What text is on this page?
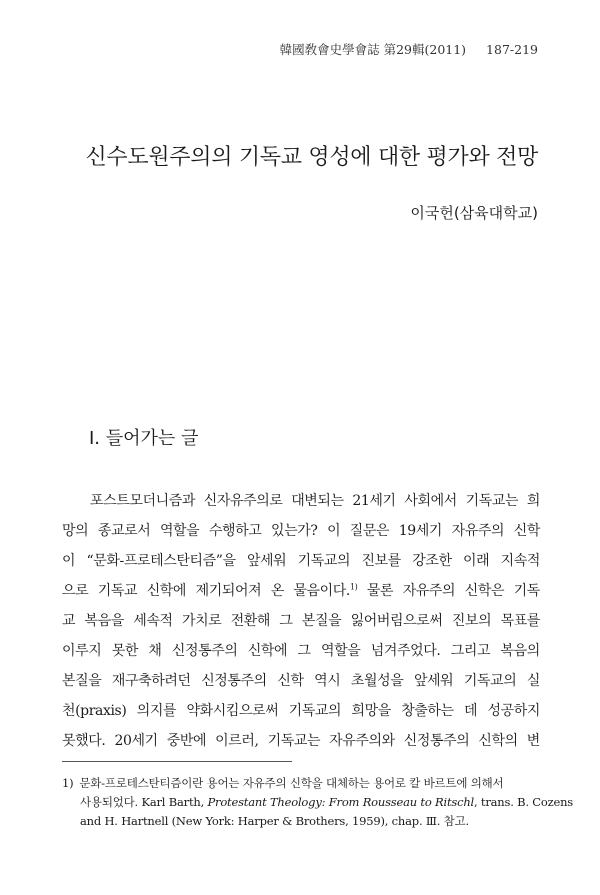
韓國敎會史學會誌 第29輯(2011) 187-219
신수도원주의의 기독교 영성에 대한 평가와 전망
이국헌(삼육대학교)
Ⅰ. 들어가는 글
포스트모더니즘과 신자유주의로 대변되는 21세기 사회에서 기독교는 희
망의 종교로서 역할을 수행하고 있는가? 이 질문은 19세기 자유주의 신학
이 “문화-프로테스탄티즘”을 앞세워 기독교의 진보를 강조한 이래 지속적
으로 기독교 신학에 제기되어져 온 물음이다.$^{1)}$ 물론 자유주의 신학은 기독
교 복음을 세속적 가치로 전환해 그 본질을 잃어버림으로써 진보의 목표를
이루지 못한 채 신정통주의 신학에 그 역할을 넘겨주었다. 그리고 복음의
본질을 재구축하려던 신정통주의 신학 역시 초월성을 앞세워 기독교의 실
천(praxis) 의지를 약화시킴으로써 기독교의 희망을 창출하는 데 성공하지
못했다. 20세기 중반에 이르러, 기독교는 자유주의와 신정통주의 신학의 변
1) 문화-프로테스탄티즘이란 용어는 자유주의 신학을 대체하는 용어로 칼 바르트에 의해서
사용되었다. Karl Barth,
Protestant Theology: From Rousseau to Ritschl , trans. B. Cozens
and H. Hartnell (New York: Harper & Brothers, 1959), chap. Ⅲ. 참고.
